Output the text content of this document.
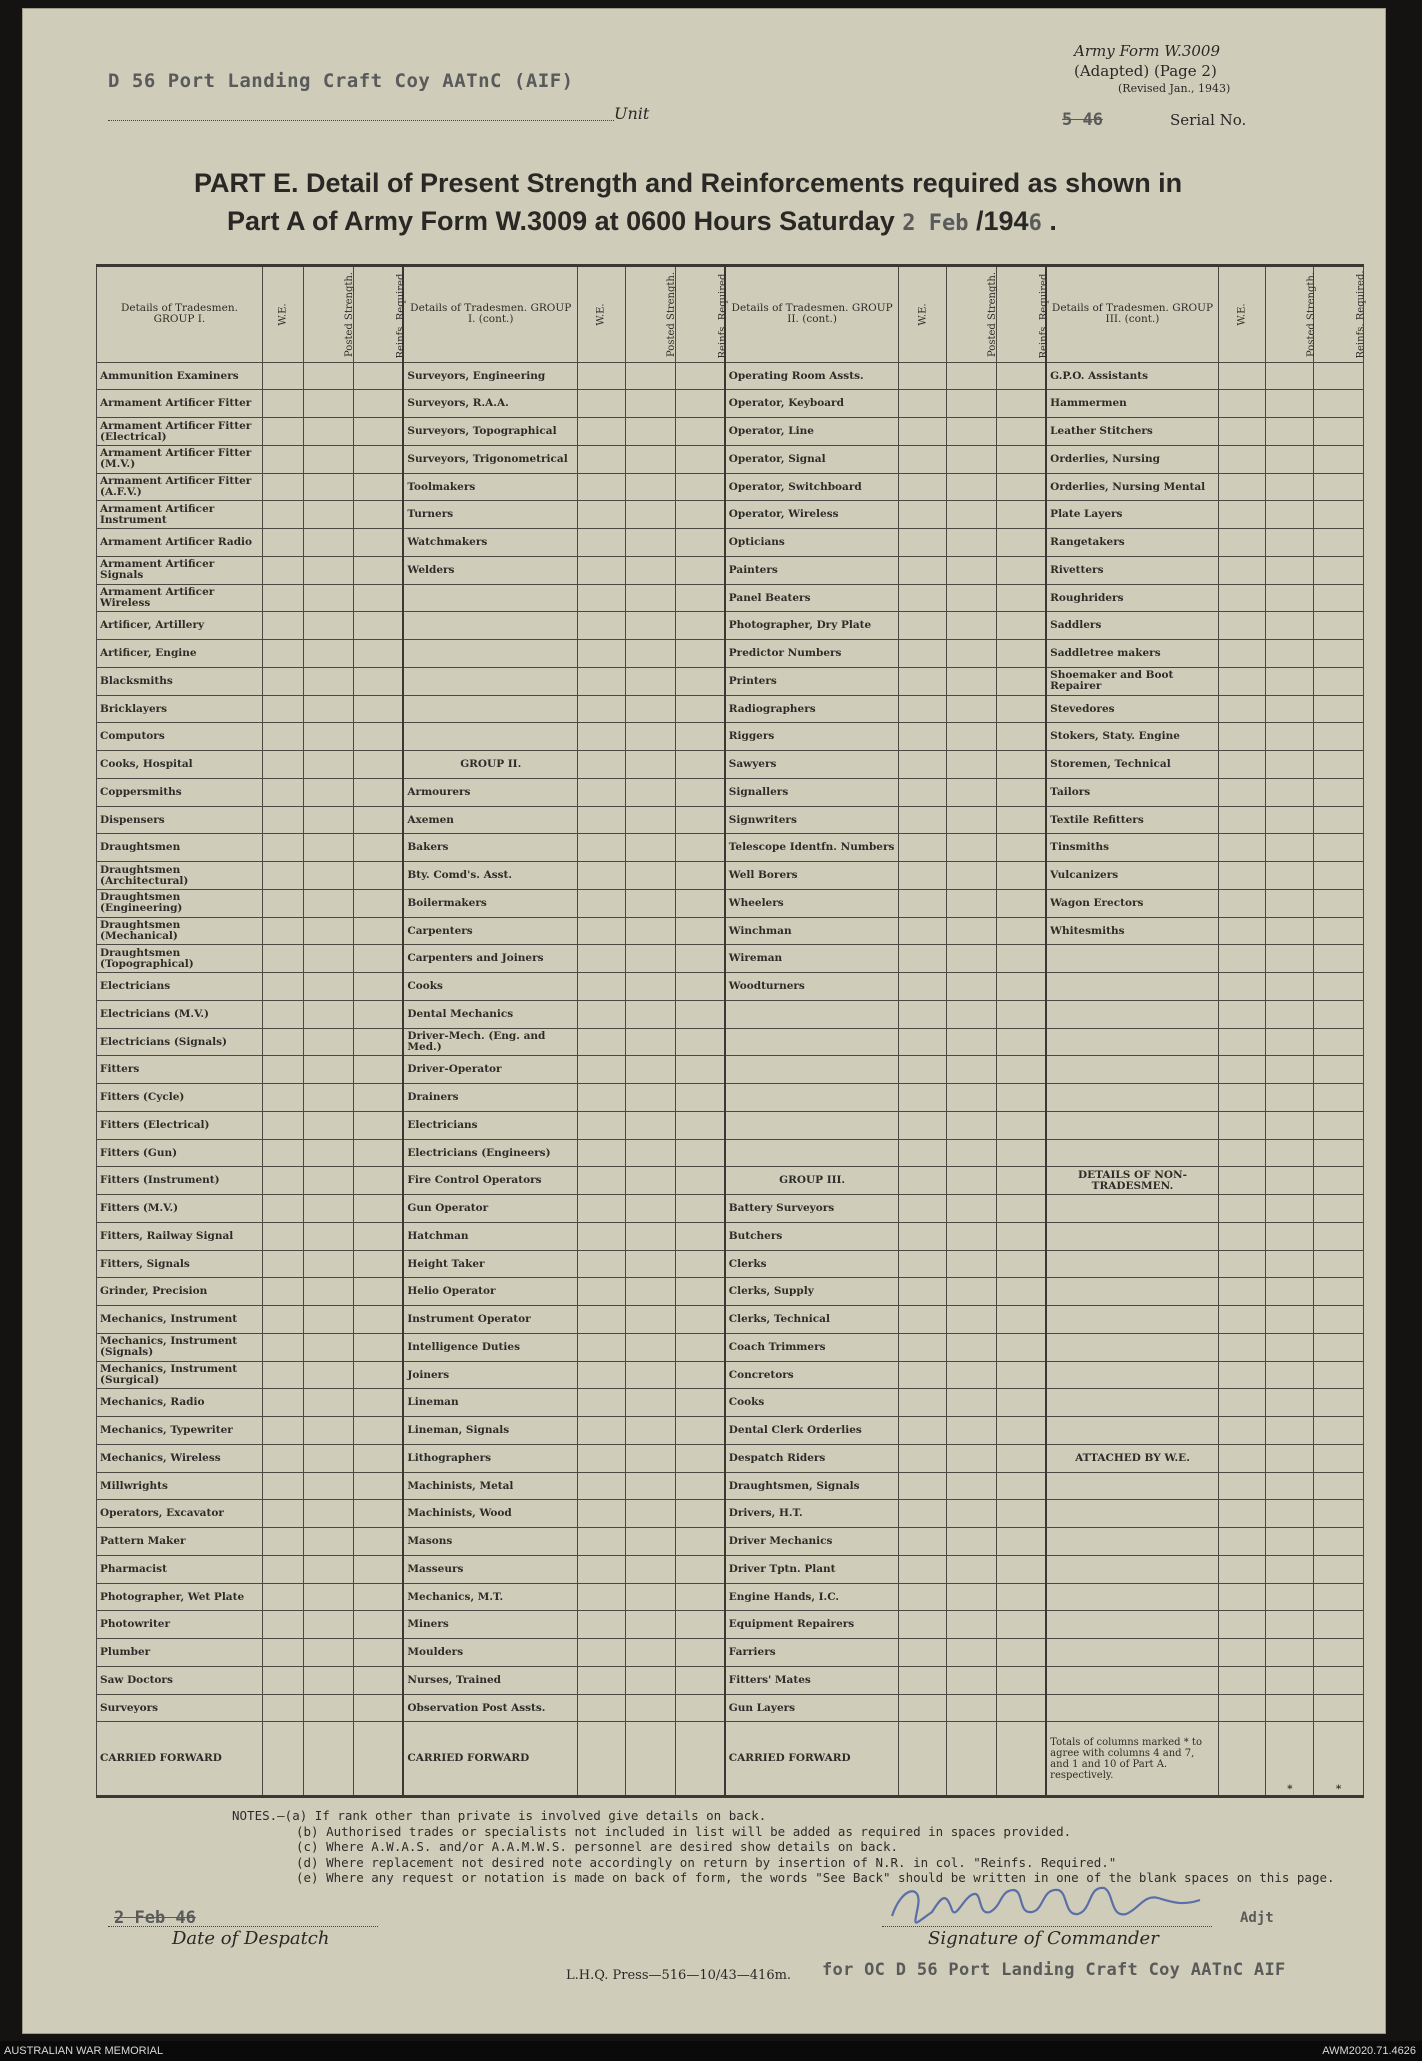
D 56 Port Landing Craft Coy AATnC (AIF)
Unit
Army Form W.3009
(Adapted) (Page 2)
(Revised Jan., 1943)
5 46	Serial No.
PART E. Detail of Present Strength and Reinforcements required as shown in
Part A of Army Form W.3009 at 0600 Hours Saturday 2 Feb /1946 .
Details of Tradesmen. GROUP I.	W.E.	Posted Strength.	Reinfs. Required.	Details of Tradesmen. GROUP I. (cont.)	W.E.	Posted Strength.	Reinfs. Required.	Details of Tradesmen. GROUP II. (cont.)	W.E.	Posted Strength.	Reinfs. Required.	Details of Tradesmen. GROUP III. (cont.)	W.E.	Posted Strength.	Reinfs. Required.
Ammunition Examiners				Surveyors, Engineering				Operating Room Assts.				G.P.O. Assistants			
Armament Artificer Fitter				Surveyors, R.A.A.				Operator, Keyboard				Hammermen			
Armament Artificer Fitter (Electrical)				Surveyors, Topographical				Operator, Line				Leather Stitchers			
Armament Artificer Fitter (M.V.)				Surveyors, Trigonometrical				Operator, Signal				Orderlies, Nursing			
Armament Artificer Fitter (A.F.V.)				Toolmakers				Operator, Switchboard				Orderlies, Nursing Mental			
Armament Artificer Instrument				Turners				Operator, Wireless				Plate Layers			
Armament Artificer Radio				Watchmakers				Opticians				Rangetakers			
Armament Artificer Signals				Welders				Painters				Rivetters			
Armament Artificer Wireless								Panel Beaters				Roughriders			
Artificer, Artillery								Photographer, Dry Plate				Saddlers			
Artificer, Engine								Predictor Numbers				Saddletree makers			
Blacksmiths								Printers				Shoemaker and Boot Repairer			
Bricklayers								Radiographers				Stevedores			
Computors								Riggers				Stokers, Staty. Engine			
Cooks, Hospital				GROUP II.				Sawyers				Storemen, Technical			
Coppersmiths				Armourers				Signallers				Tailors			
Dispensers				Axemen				Signwriters				Textile Refitters			
Draughtsmen				Bakers				Telescope Identfn. Numbers				Tinsmiths			
Draughtsmen (Architectural)				Bty. Comd's. Asst.				Well Borers				Vulcanizers			
Draughtsmen (Engineering)				Boilermakers				Wheelers				Wagon Erectors			
Draughtsmen (Mechanical)				Carpenters				Winchman				Whitesmiths			
Draughtsmen (Topographical)				Carpenters and Joiners				Wireman							
Electricians				Cooks				Woodturners							
Electricians (M.V.)				Dental Mechanics											
Electricians (Signals)				Driver-Mech. (Eng. and Med.)											
Fitters				Driver-Operator											
Fitters (Cycle)				Drainers											
Fitters (Electrical)				Electricians											
Fitters (Gun)				Electricians (Engineers)											
Fitters (Instrument)				Fire Control Operators				GROUP III.				DETAILS OF NON-TRADESMEN.			
Fitters (M.V.)				Gun Operator				Battery Surveyors							
Fitters, Railway Signal				Hatchman				Butchers							
Fitters, Signals				Height Taker				Clerks							
Grinder, Precision				Helio Operator				Clerks, Supply							
Mechanics, Instrument				Instrument Operator				Clerks, Technical							
Mechanics, Instrument (Signals)				Intelligence Duties				Coach Trimmers							
Mechanics, Instrument (Surgical)				Joiners				Concretors							
Mechanics, Radio				Lineman				Cooks							
Mechanics, Typewriter				Lineman, Signals				Dental Clerk Orderlies							
Mechanics, Wireless				Lithographers				Despatch Riders				ATTACHED BY W.E.			
Millwrights				Machinists, Metal				Draughtsmen, Signals							
Operators, Excavator				Machinists, Wood				Drivers, H.T.							
Pattern Maker				Masons				Driver Mechanics							
Pharmacist				Masseurs				Driver Tptn. Plant							
Photographer, Wet Plate				Mechanics, M.T.				Engine Hands, I.C.							
Photowriter				Miners				Equipment Repairers							
Plumber				Moulders				Farriers							
Saw Doctors				Nurses, Trained				Fitters' Mates							
Surveyors				Observation Post Assts.				Gun Layers							
CARRIED FORWARD				CARRIED FORWARD				CARRIED FORWARD				Totals of columns marked * to agree with columns 4 and 7, and 1 and 10 of Part A. respectively.		*	*
NOTES.—(a) If rank other than private is involved give details on back.
(b) Authorised trades or specialists not included in list will be added as required in spaces provided.
(c) Where A.W.A.S. and/or A.A.M.W.S. personnel are desired show details on back.
(d) Where replacement not desired note accordingly on return by insertion of N.R. in col. "Reinfs. Required."
(e) Where any request or notation is made on back of form, the words "See Back" should be written in one of the blank spaces on this page.
2 Feb 46
Date of Despatch	Signature of Commander
Adjt
for OC D 56 Port Landing Craft Coy AATnC AIF
L.H.Q. Press—516—10/43—416m.
AUSTRALIAN WAR MEMORIAL	AWM2020.71.4626
